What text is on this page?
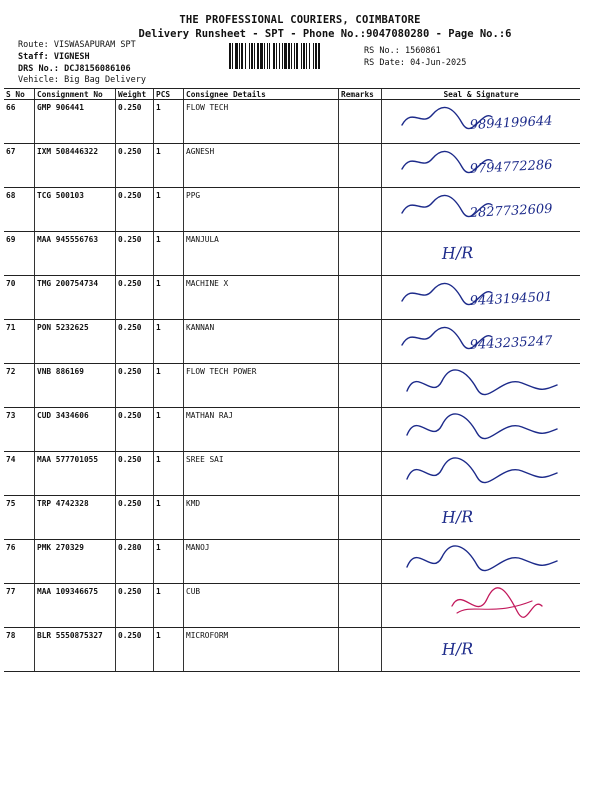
THE PROFESSIONAL COURIERS, COIMBATORE
Delivery Runsheet - SPT - Phone No.:9047080280 - Page No.:6
Route: VISWASAPURAM SPT
Staff: VIGNESH
DRS No.: DCJ8156086106
Vehicle: Big Bag Delivery
RS No.: 1560861
RS Date: 04-Jun-2025
S No	Consignment No	Weight	PCS	Consignee Details	Remarks	Seal & Signature
66	GMP 906441	0.250	1	FLOW TECH		9894199644

67	IXM 508446322	0.250	1	AGNESH		9794772286

68	TCG 500103	0.250	1	PPG		2827732609

69	MAA 945556763	0.250	1	MANJULA		H/R

70	TMG 200754734	0.250	1	MACHINE X		9443194501

71	PON 5232625	0.250	1	KANNAN		9443235247

72	VNB 886169	0.250	1	FLOW TECH POWER		

73	CUD 3434606	0.250	1	MATHAN RAJ		

74	MAA 577701055	0.250	1	SREE SAI		

75	TRP 4742328	0.250	1	KMD		H/R

76	PMK 270329	0.280	1	MANOJ		

77	MAA 109346675	0.250	1	CUB		

78	BLR 5550875327	0.250	1	MICROFORM		H/R
